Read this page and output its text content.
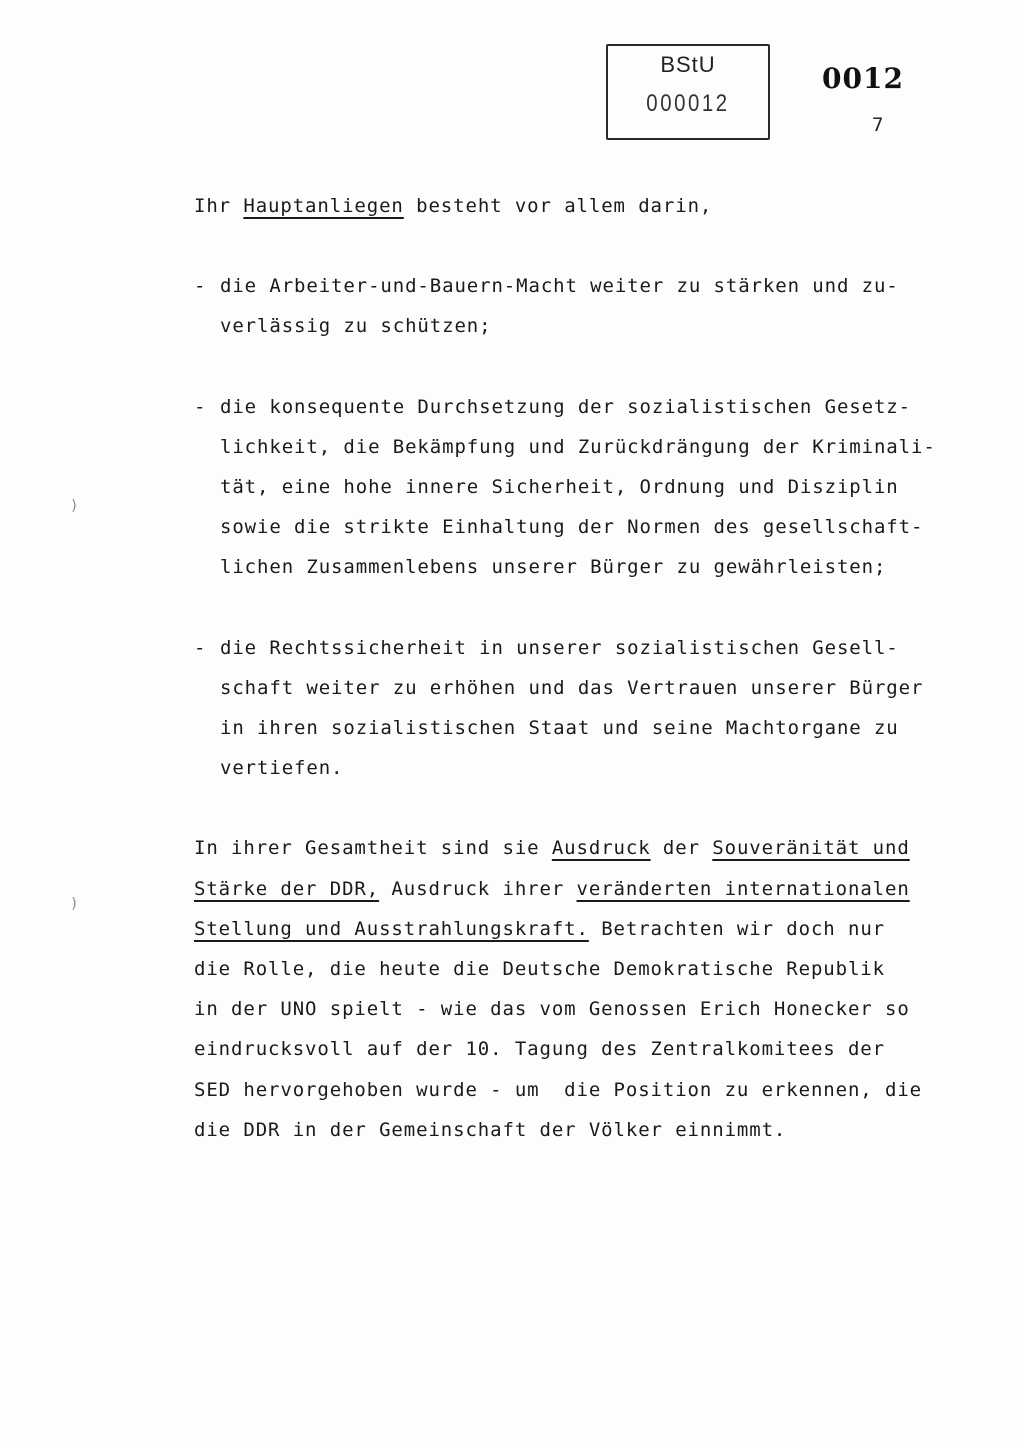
BStU
000012
0012
7
)
)

Ihr Hauptanliegen besteht vor allem darin,

- die Arbeiter-und-Bauern-Macht weiter zu stärken und zu-
verlässig zu schützen;
- die konsequente Durchsetzung der sozialistischen Gesetz-
lichkeit, die Bekämpfung und Zurückdrängung der Kriminali-
tät, eine hohe innere Sicherheit, Ordnung und Disziplin
sowie die strikte Einhaltung der Normen des gesellschaft-
lichen Zusammenlebens unserer Bürger zu gewährleisten;
- die Rechtssicherheit in unserer sozialistischen Gesell-
schaft weiter zu erhöhen und das Vertrauen unserer Bürger
in ihren sozialistischen Staat und seine Machtorgane zu
vertiefen.
In ihrer Gesamtheit sind sie Ausdruck der Souveränität und
Stärke der DDR, Ausdruck ihrer veränderten internationalen
Stellung und Ausstrahlungskraft. Betrachten wir doch nur
die Rolle, die heute die Deutsche Demokratische Republik
in der UNO spielt - wie das vom Genossen Erich Honecker so
eindrucksvoll auf der 10. Tagung des Zentralkomitees der
SED hervorgehoben wurde - um  die Position zu erkennen, die
die DDR in der Gemeinschaft der Völker einnimmt.
